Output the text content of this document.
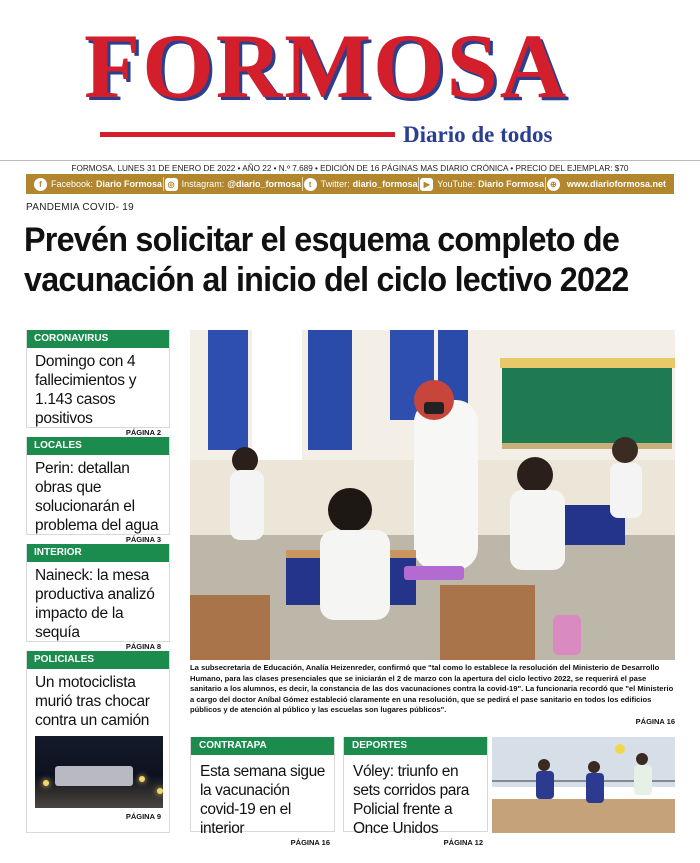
FORMOSA
Diario de todos
FORMOSA, LUNES 31 DE ENERO DE 2022 • AÑO 22 • N.º 7.689 • EDICIÓN DE 16 PÁGINAS MAS DIARIO CRÓNICA • PRECIO DEL EJEMPLAR: $70
f	Facebook: Diario Formosa ◎ Instagram: @diario_formosa t	Twitter: diario_formosa ▶ YouTube: Diario Formosa ⊕	www.diarioformosa.net
PANDEMIA COVID- 19
Prevén solicitar el esquema completo de vacunación al inicio del ciclo lectivo 2022
CORONAVIRUS
Domingo con 4 fallecimientos y 1.143 casos positivos
PÁGINA 2
LOCALES
Perin: detallan obras que solucionarán el problema del agua
PÁGINA 3
INTERIOR
Naineck: la mesa productiva analizó impacto de la sequía
PÁGINA 8
POLICIALES
Un motociclista murió tras chocar contra un camión
PÁGINA 9
La subsecretaria de Educación, Analía Heizenreder, confirmó que "tal como lo establece la resolución del Ministerio de Desarrollo Humano, para las clases presenciales que se iniciarán el 2 de marzo con la apertura del ciclo lectivo 2022, se requerirá el pase sanitario a los alumnos, es decir, la constancia de las dos vacunaciones contra la covid-19". La funcionaria recordó que "el Ministerio a cargo del doctor Aníbal Gómez estableció claramente en una resolución, que se pedirá el pase sanitario en todos los edificios públicos y de atención al público y las escuelas son lugares públicos".
PÁGINA 16
CONTRATAPA
Esta semana sigue la vacunación covid-19 en el interior
PÁGINA 16
DEPORTES
Vóley: triunfo en sets corridos para Policial frente a Once Unidos
PÁGINA 12
